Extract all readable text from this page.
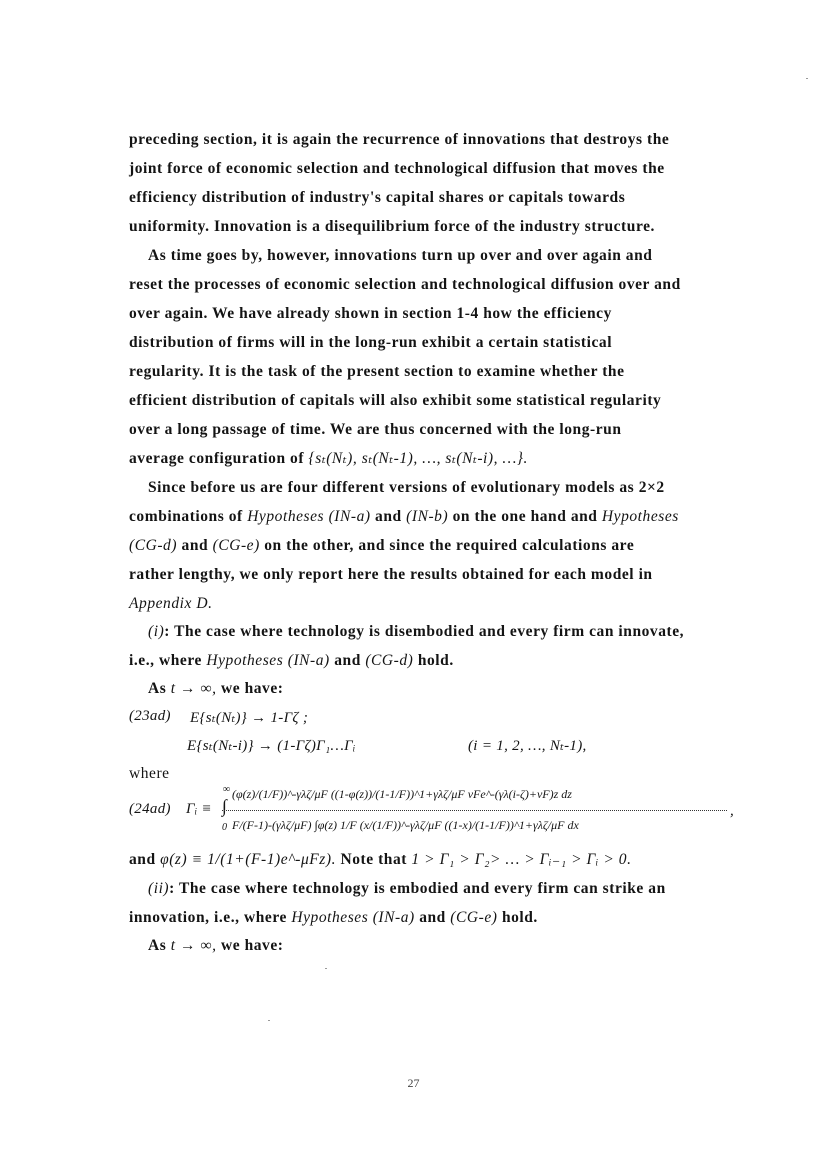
preceding section, it is again the recurrence of innovations that destroys the
joint force of economic selection and technological diffusion that moves the
efficiency distribution of industry's capital shares or capitals towards
uniformity. Innovation is a disequilibrium force of the industry structure.
As time goes by, however, innovations turn up over and over again and
reset the processes of economic selection and technological diffusion over and
over again. We have already shown in section 1-4 how the efficiency
distribution of firms will in the long-run exhibit a certain statistical
regularity. It is the task of the present section to examine whether the
efficient distribution of capitals will also exhibit some statistical regularity
over a long passage of time. We are thus concerned with the long-run
average configuration of {sₜ(Nₜ), sₜ(Nₜ-1), …, sₜ(Nₜ-i), …}.
Since before us are four different versions of evolutionary models as 2×2
combinations of Hypotheses (IN-a) and (IN-b) on the one hand and Hypotheses
(CG-d) and (CG-e) on the other, and since the required calculations are
rather lengthy, we only report here the results obtained for each model in
Appendix D.
(i): The case where technology is disembodied and every firm can innovate,
i.e., where Hypotheses (IN-a) and (CG-d) hold.
As t → ∞, we have:
(23ad) E{sₜ(Nₜ)} → 1-Γζ ;
E{sₜ(Nₜ-i)} → (1-Γζ)Γ₁…Γᵢ	(i = 1, 2, …, Nₜ-1),
where
(24ad) Γᵢ ≡
∞
∫
0
(φ(z)/(1/F))^-γλζ/μF ((1-φ(z))/(1-1/F))^1+γλζ/μF νFe^-(γλ(i-ζ)+νF)z dz
F/(F-1)-(γλζ/μF) ∫φ(z) 1/F (x/(1/F))^-γλζ/μF ((1-x)/(1-1/F))^1+γλζ/μF dx
,
and φ(z) ≡ 1/(1+(F-1)e^-μFz). Note that 1 > Γ₁ > Γ₂> … > Γᵢ₋₁ > Γᵢ > 0.
(ii): The case where technology is embodied and every firm can strike an
innovation, i.e., where Hypotheses (IN-a) and (CG-e) hold.
As t → ∞, we have:
27
